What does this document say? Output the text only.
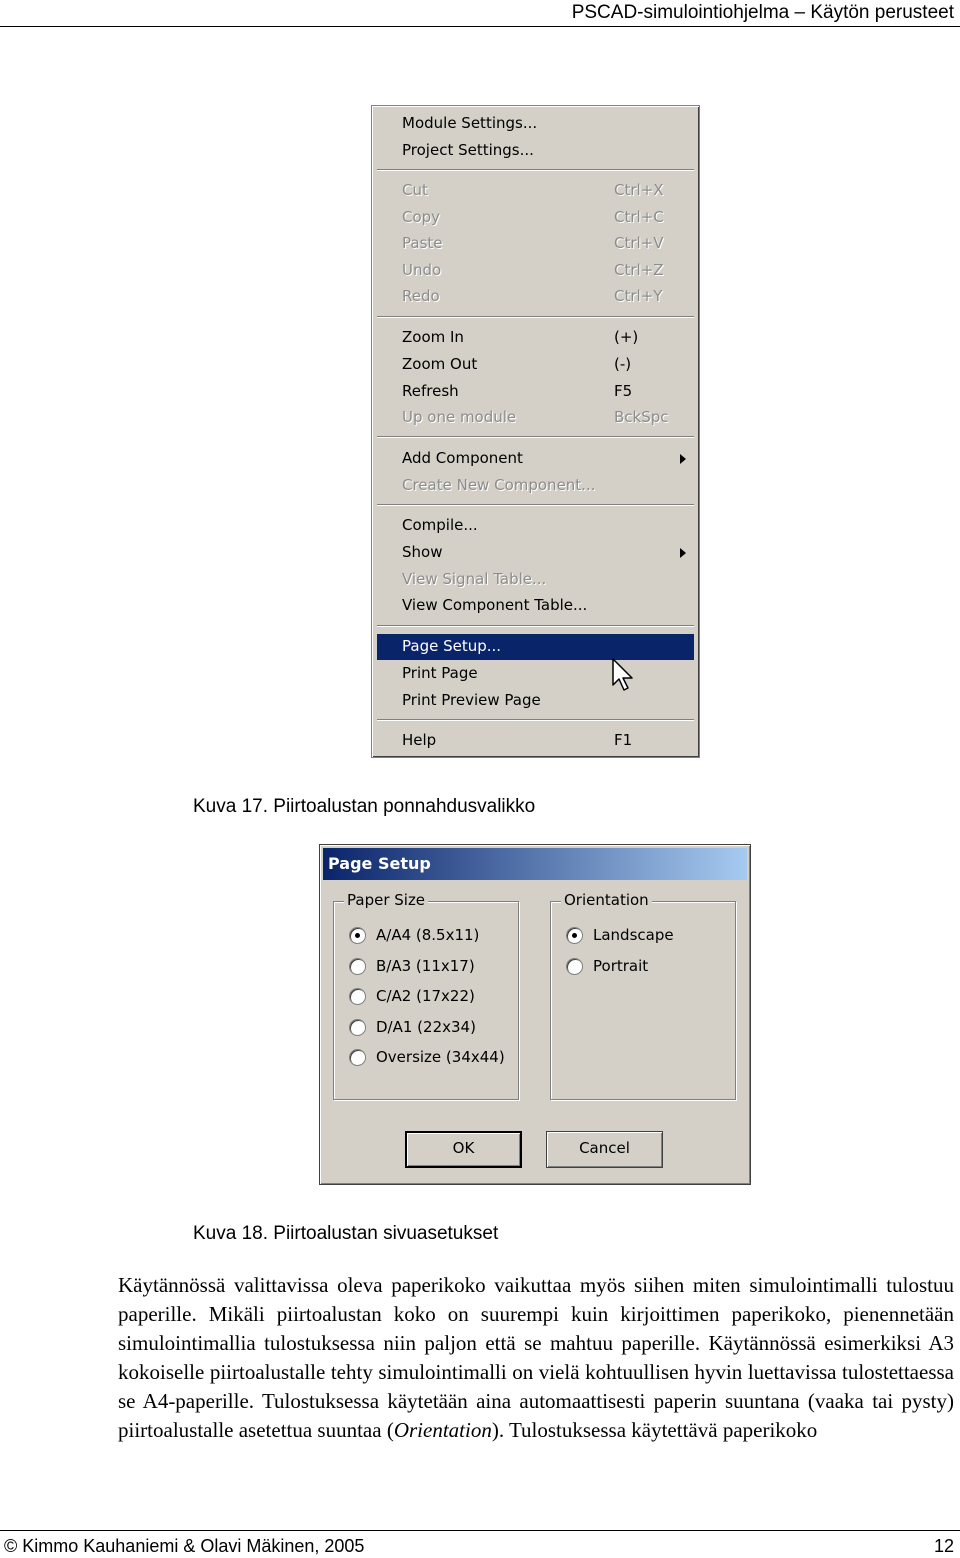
PSCAD-simulointiohjelma – Käytön perusteet
Module Settings...
Project Settings...
Cut	Ctrl+X
Copy	Ctrl+C
Paste	Ctrl+V
Undo	Ctrl+Z
Redo	Ctrl+Y
Zoom In	(+)
Zoom Out	(-)
Refresh	F5
Up one module	BckSpc
Add Component
Create New Component...
Compile...
Show
View Signal Table...
View Component Table...
Page Setup...
Print Page
Print Preview Page
Help	F1
Kuva 17. Piirtoalustan ponnahdusvalikko
Page Setup
Paper Size
A/A4 (8.5x11)
B/A3 (11x17)
C/A2 (17x22)
D/A1 (22x34)
Oversize (34x44)
Orientation
Landscape
Portrait
OK	Cancel
Kuva 18. Piirtoalustan sivuasetukset

Käytännössä valittavissa oleva paperikoko vaikuttaa myös siihen miten simulointimalli tulostuu paperille. Mikäli piirtoalustan koko on suurempi kuin kirjoittimen paperikoko, pienennetään simulointimallia tulostuksessa niin paljon että se mahtuu paperille. Käytännössä esimerkiksi A3 kokoiselle piirtoalustalle tehty simulointimalli on vielä kohtuullisen hyvin luettavissa tulostettaessa se A4-paperille. Tulostuksessa käytetään aina automaattisesti paperin suuntana (vaaka tai pysty) piirtoalustalle asetettua suuntaa (Orientation). Tulostuksessa käytettävä paperikoko

© Kimmo Kauhaniemi & Olavi Mäkinen, 2005	12
